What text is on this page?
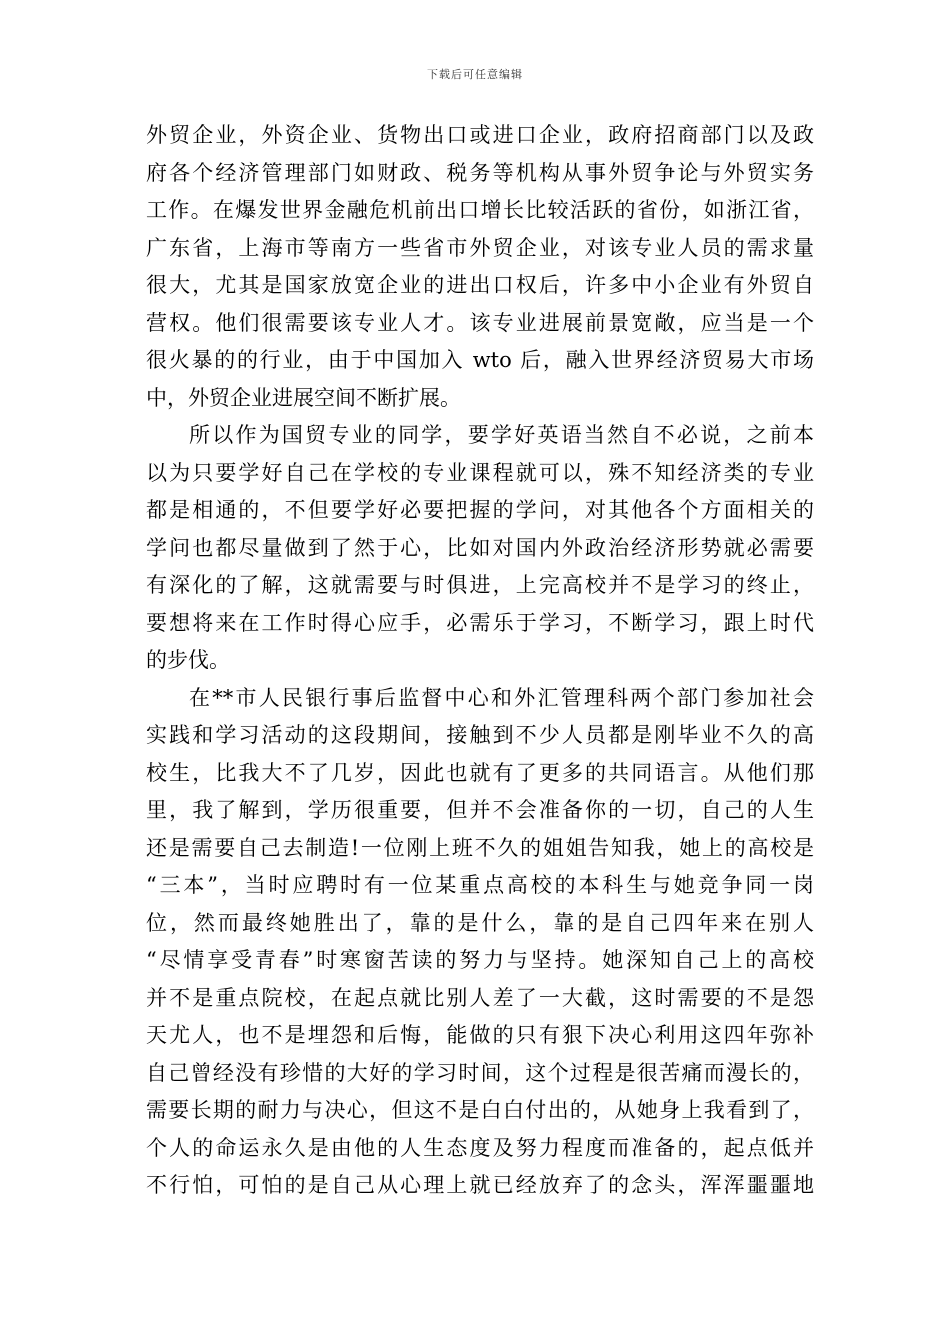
下载后可任意编辑
外贸企业，外资企业、货物出口或进口企业，政府招商部门以及政
府各个经济管理部门如财政、税务等机构从事外贸争论与外贸实务
工作。在爆发世界金融危机前出口增长比较活跃的省份，如浙江省，
广东省，上海市等南方一些省市外贸企业，对该专业人员的需求量
很大，尤其是国家放宽企业的进出口权后，许多中小企业有外贸自
营权。他们很需要该专业人才。该专业进展前景宽敞，应当是一个
很火暴的的行业，由于中国加入 wto 后，融入世界经济贸易大市场
中，外贸企业进展空间不断扩展。
所以作为国贸专业的同学，要学好英语当然自不必说，之前本
以为只要学好自己在学校的专业课程就可以，殊不知经济类的专业
都是相通的，不但要学好必要把握的学问，对其他各个方面相关的
学问也都尽量做到了然于心，比如对国内外政治经济形势就必需要
有深化的了解，这就需要与时俱进，上完高校并不是学习的终止，
要想将来在工作时得心应手，必需乐于学习，不断学习，跟上时代
的步伐。
在**市人民银行事后监督中心和外汇管理科两个部门参加社会
实践和学习活动的这段期间，接触到不少人员都是刚毕业不久的高
校生，比我大不了几岁，因此也就有了更多的共同语言。从他们那
里，我了解到，学历很重要，但并不会准备你的一切，自己的人生
还是需要自己去制造!一位刚上班不久的姐姐告知我，她上的高校是
“三本”，当时应聘时有一位某重点高校的本科生与她竞争同一岗
位，然而最终她胜出了，靠的是什么，靠的是自己四年来在别人
“尽情享受青春”时寒窗苦读的努力与坚持。她深知自己上的高校
并不是重点院校，在起点就比别人差了一大截，这时需要的不是怨
天尤人，也不是埋怨和后悔，能做的只有狠下决心利用这四年弥补
自己曾经没有珍惜的大好的学习时间，这个过程是很苦痛而漫长的，
需要长期的耐力与决心，但这不是白白付出的，从她身上我看到了，
个人的命运永久是由他的人生态度及努力程度而准备的，起点低并
不行怕，可怕的是自己从心理上就已经放弃了的念头，浑浑噩噩地
